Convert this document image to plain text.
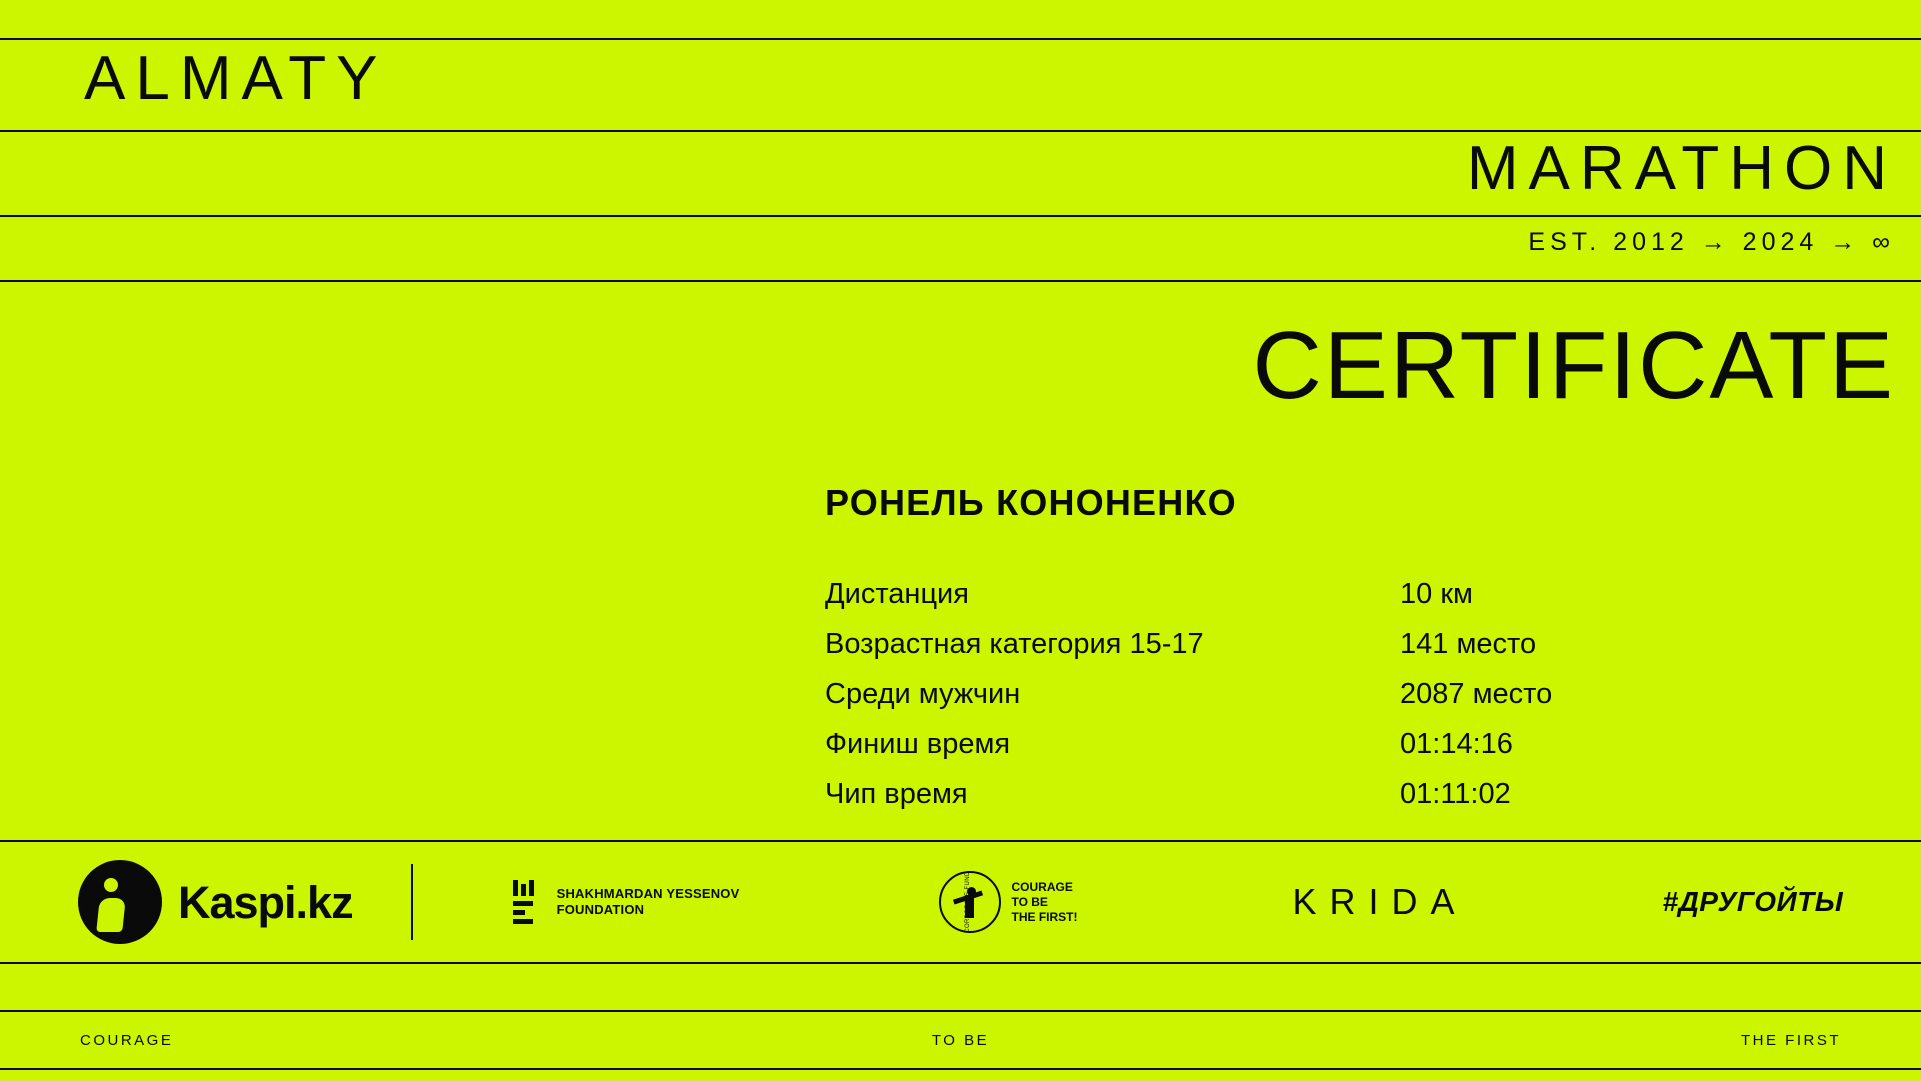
ALMATY
MARATHON
EST. 2012 → 2024 → ∞
CERTIFICATE
РОНЕЛЬ КОНОНЕНКО
Дистанция	10 км
Возрастная категория 15-17	141 место
Среди мужчин	2087 место
Финиш время	01:14:16
Чип время	01:11:02
Kaspi.kz	SHAKHMARDAN YESSENOV
FOUNDATION
COURAGE
TO BE
THE FIRST!	KRIDA	#ДРУГОЙТЫ
COURAGE	TO BE	THE FIRST
